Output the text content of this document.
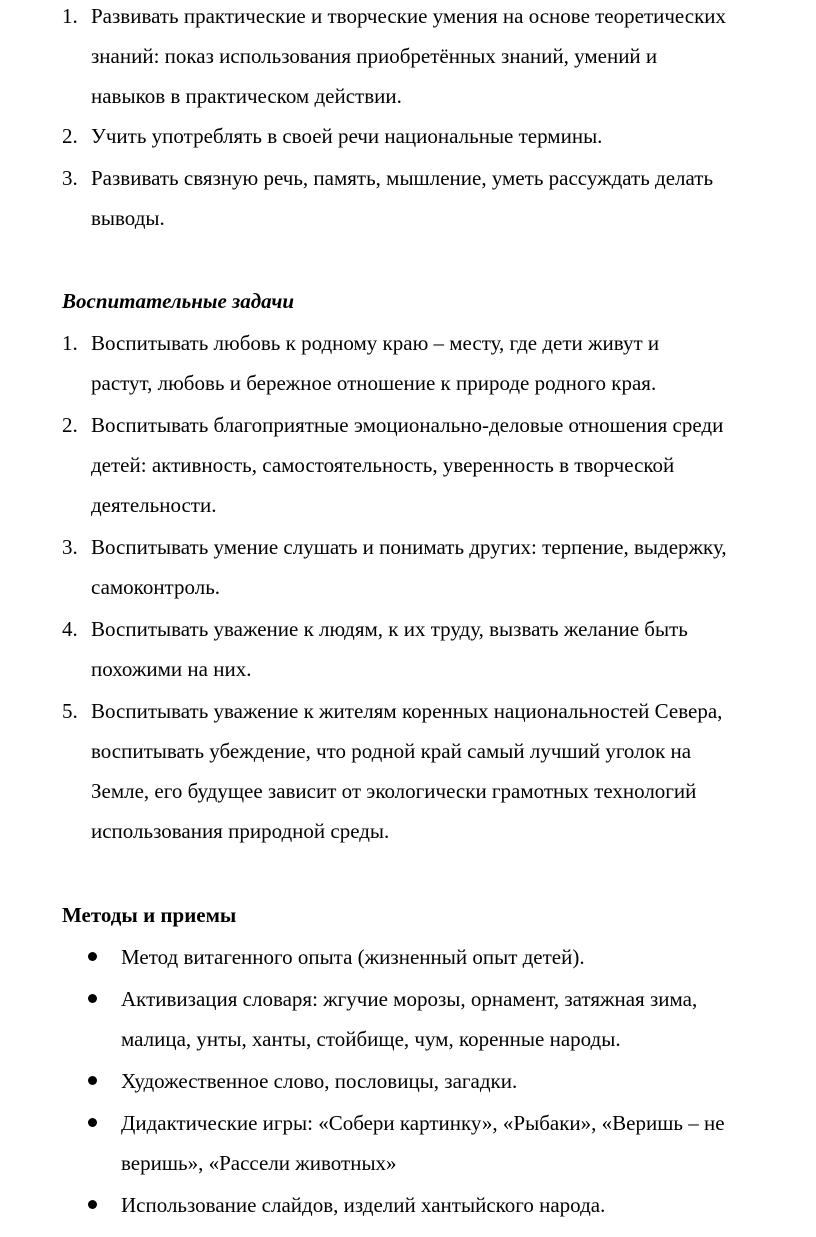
1. Развивать практические и творческие умения на основе теоретических
знаний: показ использования приобретённых знаний, умений и
навыков в практическом действии.
2. Учить употреблять в своей речи национальные термины.
3. Развивать связную речь, память, мышление, уметь рассуждать делать
выводы.
Воспитательные задачи
1. Воспитывать любовь к родному краю – месту, где дети живут и
растут, любовь и бережное отношение к природе родного края.
2. Воспитывать благоприятные эмоционально-деловые отношения среди
детей: активность, самостоятельность, уверенность в творческой
деятельности.
3. Воспитывать умение слушать и понимать других: терпение, выдержку,
самоконтроль.
4. Воспитывать уважение к людям, к их труду, вызвать желание быть
похожими на них.
5. Воспитывать уважение к жителям коренных национальностей Севера,
воспитывать убеждение, что родной край самый лучший уголок на
Земле, его будущее зависит от экологически грамотных технологий
использования природной среды.
Методы и приемы
Метод витагенного опыта (жизненный опыт детей).
Активизация словаря: жгучие морозы, орнамент, затяжная зима,
малица, унты, ханты, стойбище, чум, коренные народы.
Художественное слово, пословицы, загадки.
Дидактические игры: «Собери картинку», «Рыбаки», «Веришь – не
веришь», «Рассели животных»
Использование слайдов, изделий хантыйского народа.
